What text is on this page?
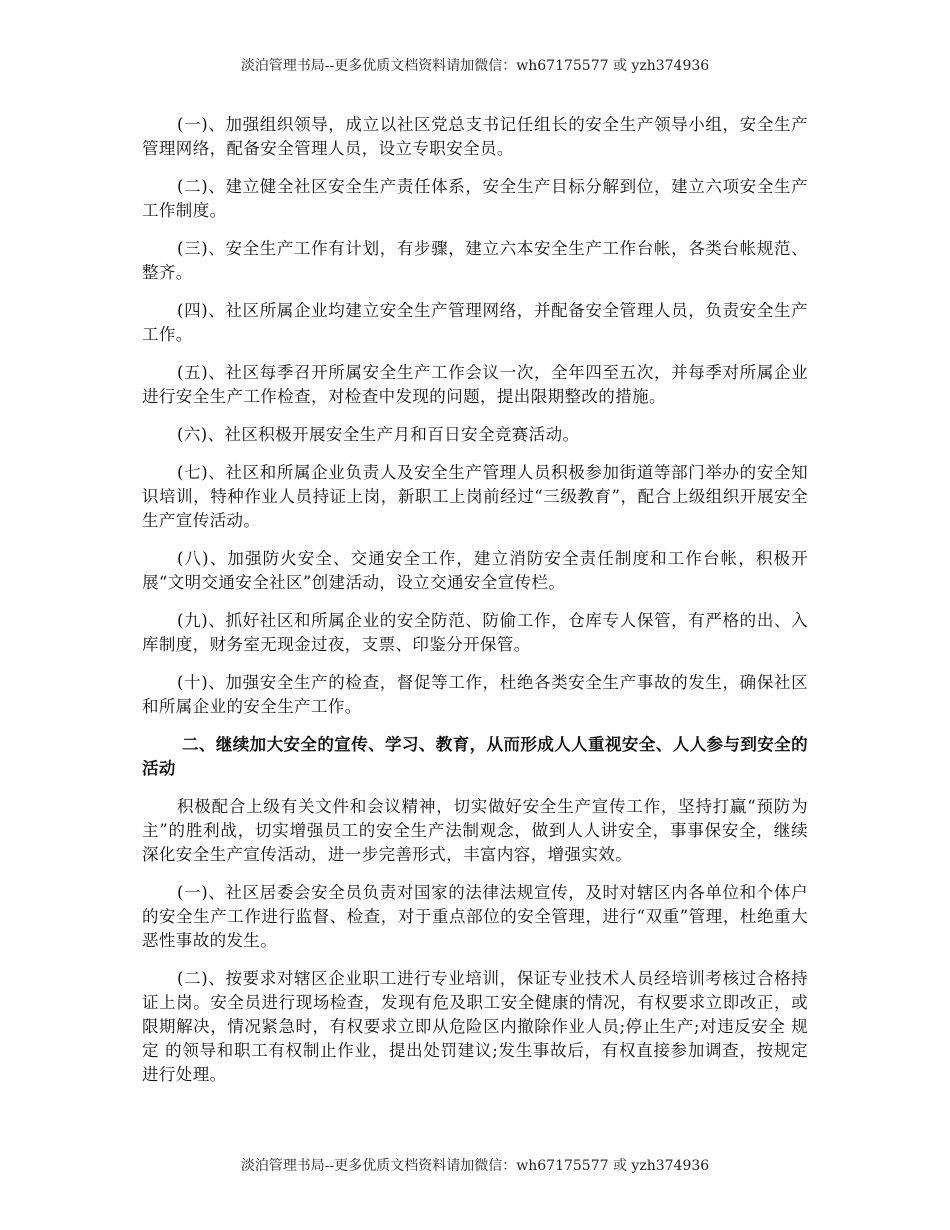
淡泊管理书局--更多优质文档资料请加微信：wh67175577 或 yzh374936

(一)、加强组织领导，成立以社区党总支书记任组长的安全生产领导小组，安全生产管理网络，配备安全管理人员，设立专职安全员。

(二)、建立健全社区安全生产责任体系，安全生产目标分解到位，建立六项安全生产工作制度。

(三)、安全生产工作有计划，有步骤，建立六本安全生产工作台帐，各类台帐规范、整齐。

(四)、社区所属企业均建立安全生产管理网络，并配备安全管理人员，负责安全生产工作。

(五)、社区每季召开所属安全生产工作会议一次，全年四至五次，并每季对所属企业进行安全生产工作检查，对检查中发现的问题，提出限期整改的措施。

(六)、社区积极开展安全生产月和百日安全竞赛活动。

(七)、社区和所属企业负责人及安全生产管理人员积极参加街道等部门举办的安全知识培训，特种作业人员持证上岗，新职工上岗前经过“三级教育”，配合上级组织开展安全生产宣传活动。

(八)、加强防火安全、交通安全工作，建立消防安全责任制度和工作台帐，积极开展“文明交通安全社区”创建活动，设立交通安全宣传栏。

(九)、抓好社区和所属企业的安全防范、防偷工作，仓库专人保管，有严格的出、入库制度，财务室无现金过夜，支票、印鉴分开保管。

(十)、加强安全生产的检查，督促等工作，杜绝各类安全生产事故的发生，确保社区和所属企业的安全生产工作。

二、继续加大安全的宣传、学习、教育，从而形成人人重视安全、人人参与到安全的活动

积极配合上级有关文件和会议精神，切实做好安全生产宣传工作，坚持打赢“预防为主”的胜利战，切实增强员工的安全生产法制观念，做到人人讲安全，事事保安全，继续深化安全生产宣传活动，进一步完善形式，丰富内容，增强实效。

(一)、社区居委会安全员负责对国家的法律法规宣传，及时对辖区内各单位和个体户的安全生产工作进行监督、检查，对于重点部位的安全管理，进行“双重”管理，杜绝重大恶性事故的发生。

(二)、按要求对辖区企业职工进行专业培训，保证专业技术人员经培训考核过合格持证上岗。安全员进行现场检查，发现有危及职工安全健康的情况，有权要求立即改正，或限期解决，情况紧急时，有权要求立即从危险区内撤除作业人员;停止生产;对违反安全 规定 的领导和职工有权制止作业，提出处罚建议;发生事故后，有权直接参加调查，按规定进行处理。

淡泊管理书局--更多优质文档资料请加微信：wh67175577 或 yzh374936
